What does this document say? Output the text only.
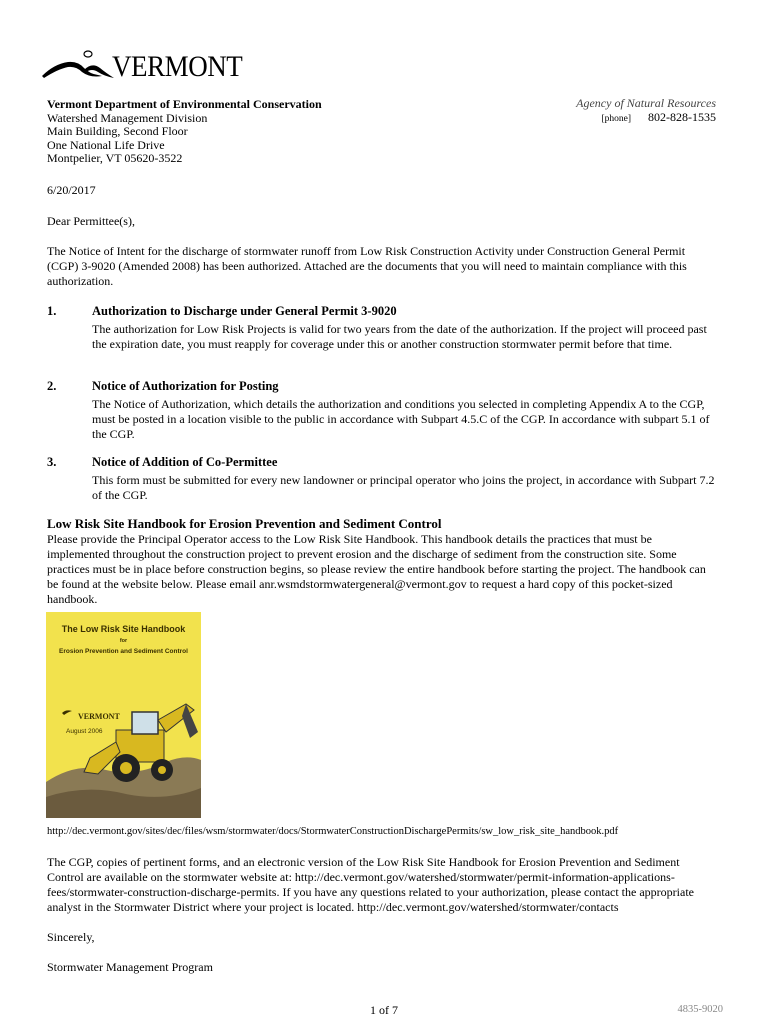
VERMONT
Vermont Department of Environmental Conservation
Watershed Management Division
Main Building, Second Floor
One National Life Drive
Montpelier, VT 05620-3522
Agency of Natural Resources
[phone] 802-828-1535
6/20/2017
Dear Permittee(s),
The Notice of Intent for the discharge of stormwater runoff from Low Risk Construction Activity under Construction General Permit (CGP) 3-9020 (Amended 2008) has been authorized. Attached are the documents that you will need to maintain compliance with this authorization.
1.	Authorization to Discharge under General Permit 3-9020
The authorization for Low Risk Projects is valid for two years from the date of the authorization. If the project will proceed past the expiration date, you must reapply for coverage under this or another construction stormwater permit before that time.
2.	Notice of Authorization for Posting
The Notice of Authorization, which details the authorization and conditions you selected in completing Appendix A to the CGP, must be posted in a location visible to the public in accordance with Subpart 4.5.C of the CGP. In accordance with subpart 5.1 of the CGP.
3.	Notice of Addition of Co-Permittee
This form must be submitted for every new landowner or principal operator who joins the project, in accordance with Subpart 7.2 of the CGP.
Low Risk Site Handbook for Erosion Prevention and Sediment Control
Please provide the Principal Operator access to the Low Risk Site Handbook. This handbook details the practices that must be implemented throughout the construction project to prevent erosion and the discharge of sediment from the construction site. Some practices must be in place before construction begins, so please review the entire handbook before starting the project. The handbook can be found at the website below. Please email anr.wsmdstormwatergeneral@vermont.gov to request a hard copy of this pocket-sized handbook.
The Low Risk Site Handbook
for
Erosion Prevention and Sediment Control
VERMONT
August 2006
http://dec.vermont.gov/sites/dec/files/wsm/stormwater/docs/StormwaterConstructionDischargePermits/sw_low_risk_site_handbook.pdf
The CGP, copies of pertinent forms, and an electronic version of the Low Risk Site Handbook for Erosion Prevention and Sediment Control are available on the stormwater website at: http://dec.vermont.gov/watershed/stormwater/permit-information-applications-fees/stormwater-construction-discharge-permits. If you have any questions related to your authorization, please contact the appropriate analyst in the Stormwater District where your project is located. http://dec.vermont.gov/watershed/stormwater/contacts
Sincerely,
Stormwater Management Program
1 of 7	4835-9020
